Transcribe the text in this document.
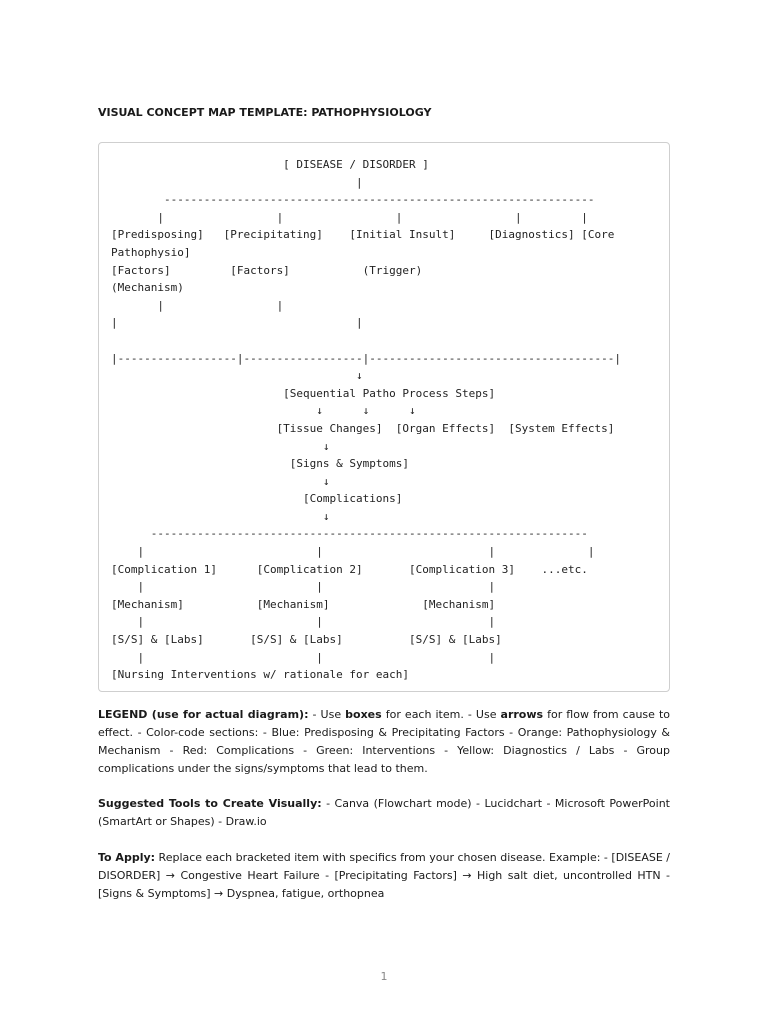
VISUAL CONCEPT MAP TEMPLATE: PATHOPHYSIOLOGY
[ DISEASE / DISORDER ]
|
-----------------------------------------------------------------
|                 |                 |                 |         |
[Predisposing]   [Precipitating]    [Initial Insult]     [Diagnostics] [Core
Pathophysio]
[Factors]         [Factors]           (Trigger)
(Mechanism)
|                 |
|                                    |

|------------------|------------------|-------------------------------------|
↓
[Sequential Patho Process Steps]
↓      ↓      ↓
[Tissue Changes]  [Organ Effects]  [System Effects]
↓
[Signs & Symptoms]
↓
[Complications]
↓
------------------------------------------------------------------
|                          |                         |              |
[Complication 1]      [Complication 2]       [Complication 3]    ...etc.
|                          |                         |
[Mechanism]           [Mechanism]              [Mechanism]
|                          |                         |
[S/S] & [Labs]       [S/S] & [Labs]          [S/S] & [Labs]
|                          |                         |
[Nursing Interventions w/ rationale for each]
LEGEND (use for actual diagram): - Use boxes for each item. - Use arrows for flow from cause to effect. - Color-code sections: - Blue: Predisposing & Precipitating Factors - Orange: Pathophysiology & Mechanism - Red: Complications - Green: Interventions - Yellow: Diagnostics / Labs - Group complications under the signs/symptoms that lead to them.
Suggested Tools to Create Visually: - Canva (Flowchart mode) - Lucidchart - Microsoft PowerPoint (SmartArt or Shapes) - Draw.io
To Apply: Replace each bracketed item with specifics from your chosen disease. Example: - [DISEASE / DISORDER] → Congestive Heart Failure - [Precipitating Factors] → High salt diet, uncontrolled HTN - [Signs & Symptoms] → Dyspnea, fatigue, orthopnea
1
